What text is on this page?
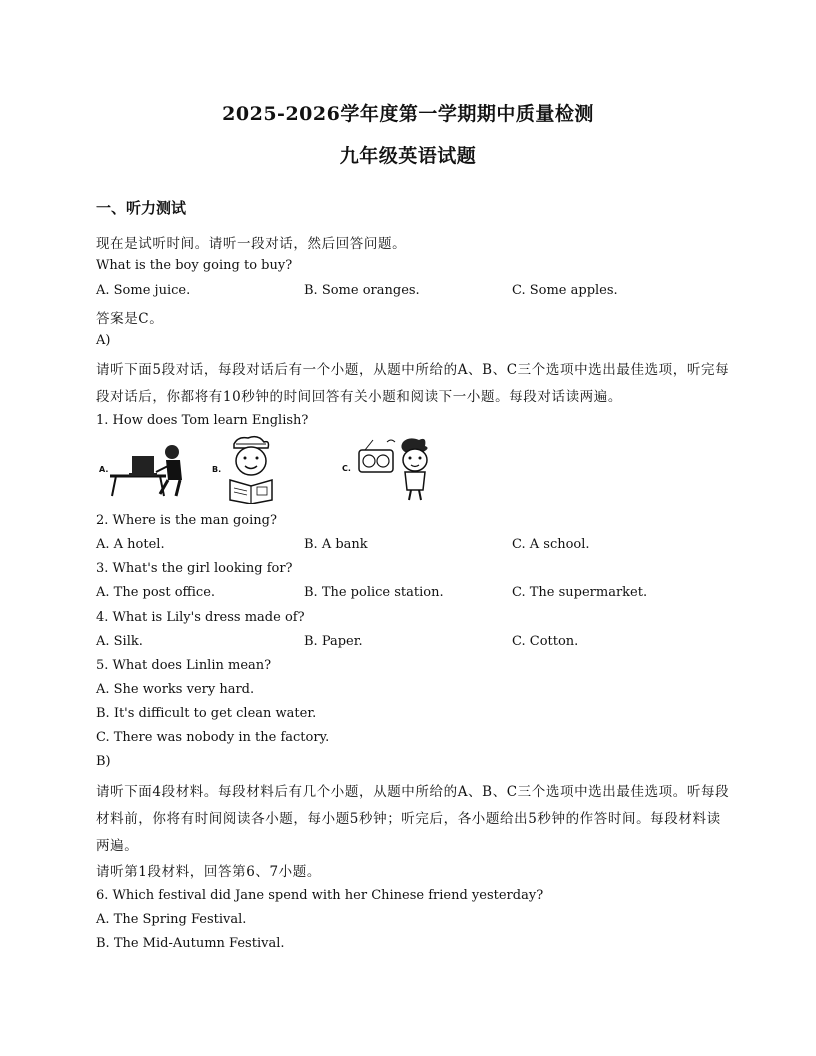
2025-2026学年度第一学期期中质量检测
九年级英语试题
一、听力测试
现在是试听时间。请听一段对话，然后回答问题。
What is the boy going to buy?
A. Some juice.	B. Some oranges.	C. Some apples.
答案是C。
A)
请听下面5段对话，每段对话后有一个小题，从题中所给的A、B、C三个选项中选出最佳选项，听完每
段对话后，你都将有10秒钟的时间回答有关小题和阅读下一小题。每段对话读两遍。
1. How does Tom learn English?
A.	B.	C.
2. Where is the man going?
A. A hotel.	B. A bank	C. A school.
3. What's the girl looking for?
A. The post office.	B. The police station.	C. The supermarket.
4. What is Lily's dress made of?
A. Silk.	B. Paper.	C. Cotton.
5. What does Linlin mean?
A. She works very hard.
B. It's difficult to get clean water.
C. There was nobody in the factory.
B)
请听下面4段材料。每段材料后有几个小题，从题中所给的A、B、C三个选项中选出最佳选项。听每段
材料前，你将有时间阅读各小题，每小题5秒钟；听完后，各小题给出5秒钟的作答时间。每段材料读
两遍。
请听第1段材料，回答第6、7小题。
6. Which festival did Jane spend with her Chinese friend yesterday?
A. The Spring Festival.
B. The Mid-Autumn Festival.
